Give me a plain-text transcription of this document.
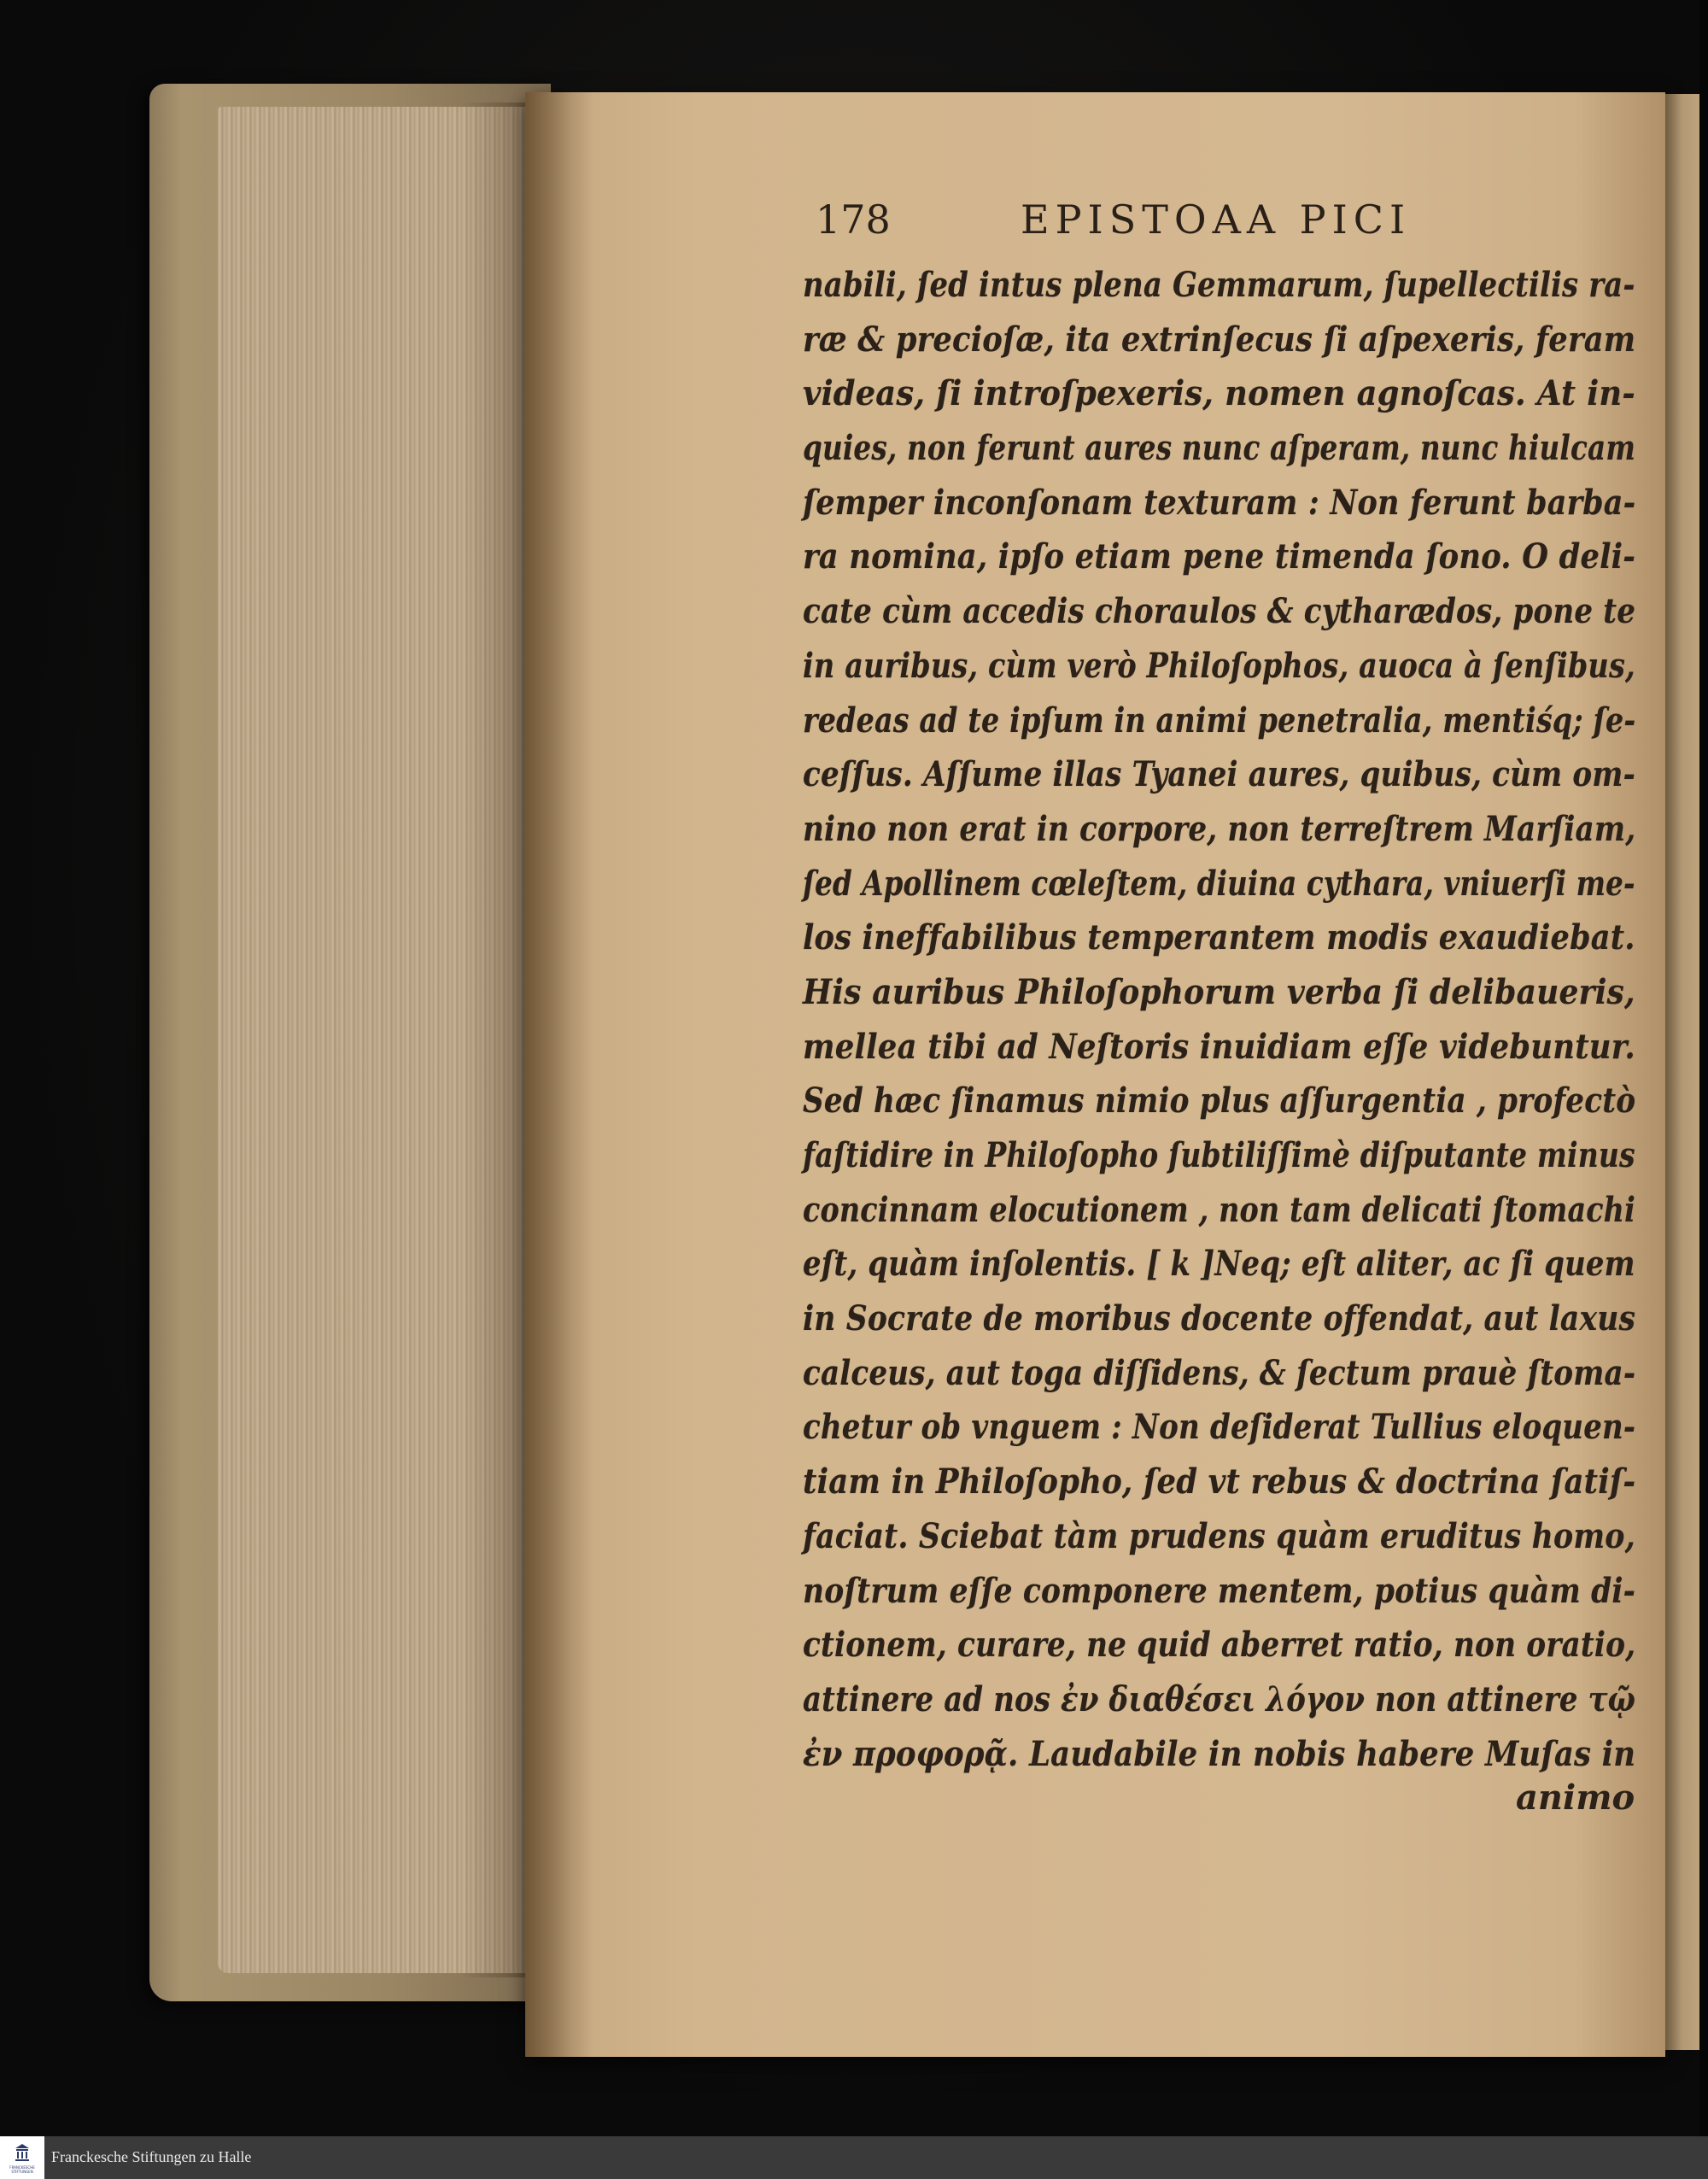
178	EPISTOAA PICI
nabili, ſed intus plena Gemmarum, ſupellectilis ra-
ræ & precioſæ, ita extrinſecus ſi aſpexeris, feram
videas, ſi introſpexeris, nomen agnoſcas. At in-
quies, non ferunt aures nunc aſperam, nunc hiulcam
ſemper inconſonam texturam : Non ferunt barba-
ra nomina, ipſo etiam pene timenda ſono. O deli-
cate cùm accedis choraulos & cytharædos, pone te
in auribus, cùm verò Philoſophos, auoca à ſenſibus,
redeas ad te ipſum in animi penetralia, mentiśq; ſe-
ceſſus. Aſſume illas Tyanei aures, quibus, cùm om-
nino non erat in corpore, non terreſtrem Marſiam,
ſed Apollinem cœleſtem, diuina cythara, vniuerſi me-
los ineffabilibus temperantem modis exaudiebat.
His auribus Philoſophorum verba ſi delibaueris,
mellea tibi ad Neſtoris inuidiam eſſe videbuntur.
Sed hæc ſinamus nimio plus aſſurgentia , profectò
faſtidire in Philoſopho ſubtiliſſimè diſputante minus
concinnam elocutionem , non tam delicati ſtomachi
eſt, quàm inſolentis. [ k ]Neq; eſt aliter, ac ſi quem
in Socrate de moribus docente offendat, aut laxus
calceus, aut toga diſſidens, & ſectum prauè ſtoma-
chetur ob vnguem : Non deſiderat Tullius eloquen-
tiam in Philoſopho, ſed vt rebus & doctrina ſatiſ-
faciat. Sciebat tàm prudens quàm eruditus homo,
noſtrum eſſe componere mentem, potius quàm di-
ctionem, curare, ne quid aberret ratio, non oratio,
attinere ad nos ἐν διαθέσει λόγον non attinere τῷ
ἐν προφορᾷ. Laudabile in nobis habere Muſas in
animo
FRANCKESCHE STIFTUNGEN
Franckesche Stiftungen zu Halle
